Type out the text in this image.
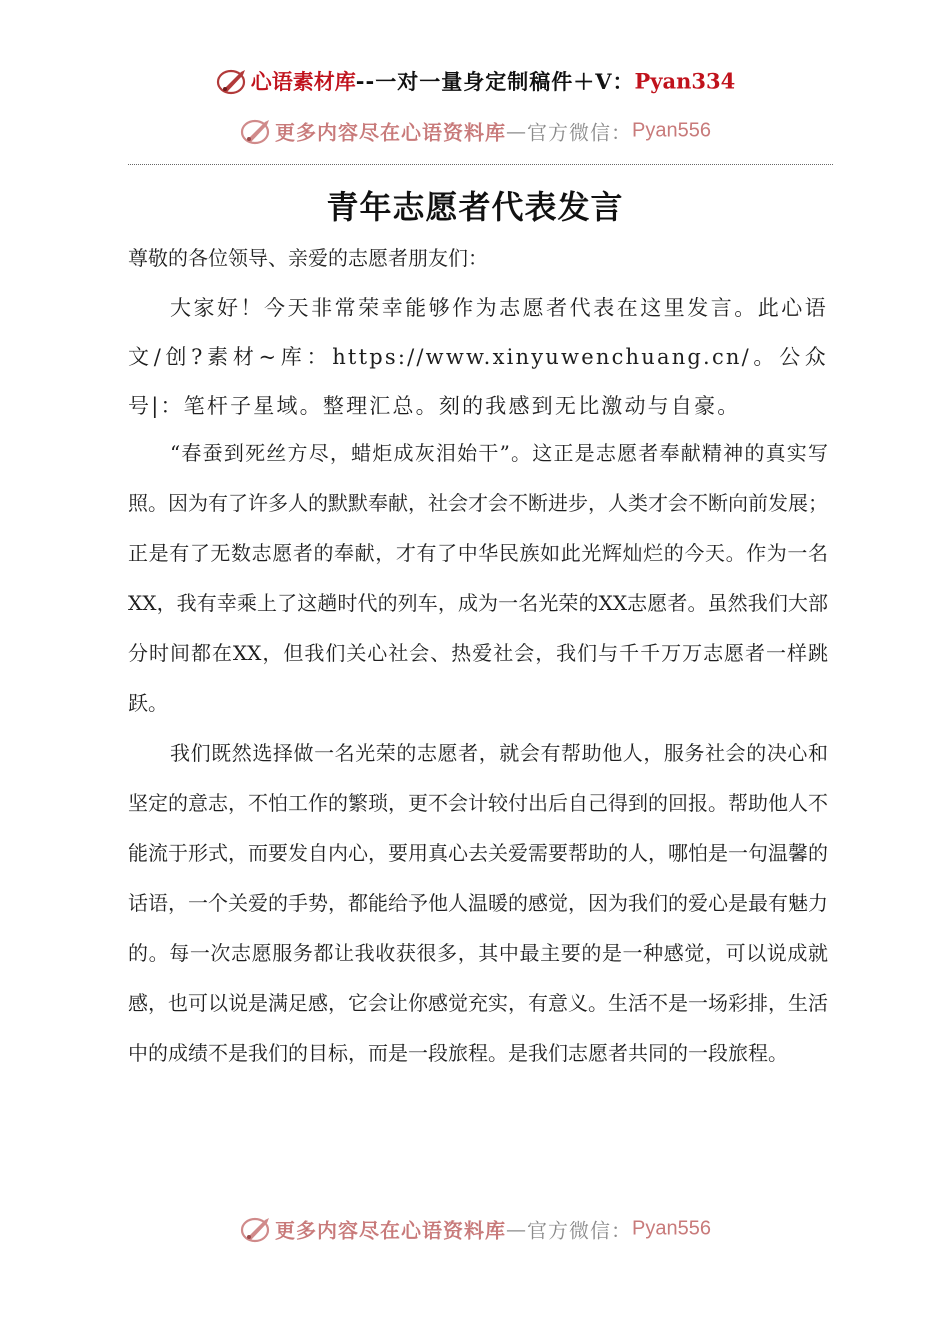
心语素材库--一对一量身定制稿件＋V：Pyan334
更多内容尽在心语资料库—官方微信：Pyan556
青年志愿者代表发言
尊敬的各位领导、亲爱的志愿者朋友们：

大家好！今天非常荣幸能够作为志愿者代表在这里发言。此心语文/创?素材~库：https://www.xinyuwenchuang.cn/。公众号|：笔杆子星域。整理汇总。刻的我感到无比激动与自豪。

“春蚕到死丝方尽，蜡炬成灰泪始干”。这正是志愿者奉献精神的真实写照。因为有了许多人的默默奉献，社会才会不断进步，人类才会不断向前发展；正是有了无数志愿者的奉献，才有了中华民族如此光辉灿烂的今天。作为一名XX，我有幸乘上了这趟时代的列车，成为一名光荣的XX志愿者。虽然我们大部分时间都在XX，但我们关心社会、热爱社会，我们与千千万万志愿者一样跳跃。

我们既然选择做一名光荣的志愿者，就会有帮助他人，服务社会的决心和坚定的意志，不怕工作的繁琐，更不会计较付出后自己得到的回报。帮助他人不能流于形式，而要发自内心，要用真心去关爱需要帮助的人，哪怕是一句温馨的话语，一个关爱的手势，都能给予他人温暖的感觉，因为我们的爱心是最有魅力的。每一次志愿服务都让我收获很多，其中最主要的是一种感觉，可以说成就感，也可以说是满足感，它会让你感觉充实，有意义。生活不是一场彩排，生活中的成绩不是我们的目标，而是一段旅程。是我们志愿者共同的一段旅程。

更多内容尽在心语资料库—官方微信：Pyan556
